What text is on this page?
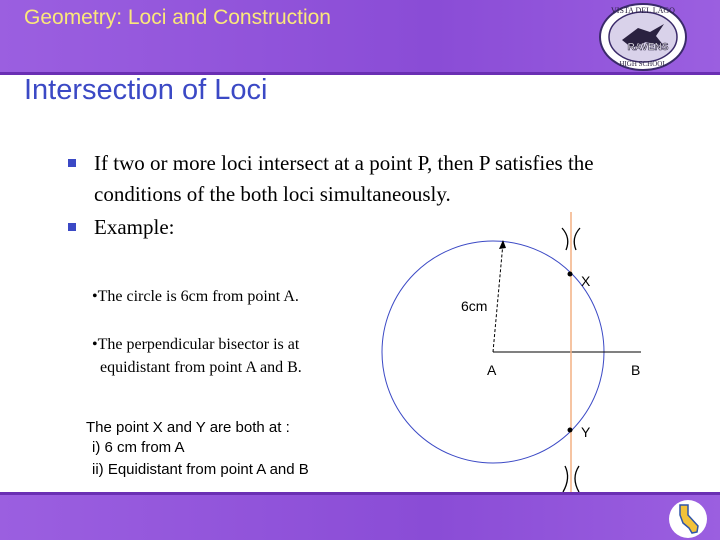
Geometry: Loci and Construction	VISTA DEL LAGO
RAVENS
HIGH SCHOOL
Intersection of Loci
If two or more loci intersect at a point P, then P satisfies the conditions of the both loci simultaneously.
Example:
•The circle is 6cm from point A.
•The perpendicular bisector is at
equidistant from point A and B.
The point X and Y are both at :
i) 6 cm from A
ii) Equidistant from point A and B
6cm
A	B
X
Y
